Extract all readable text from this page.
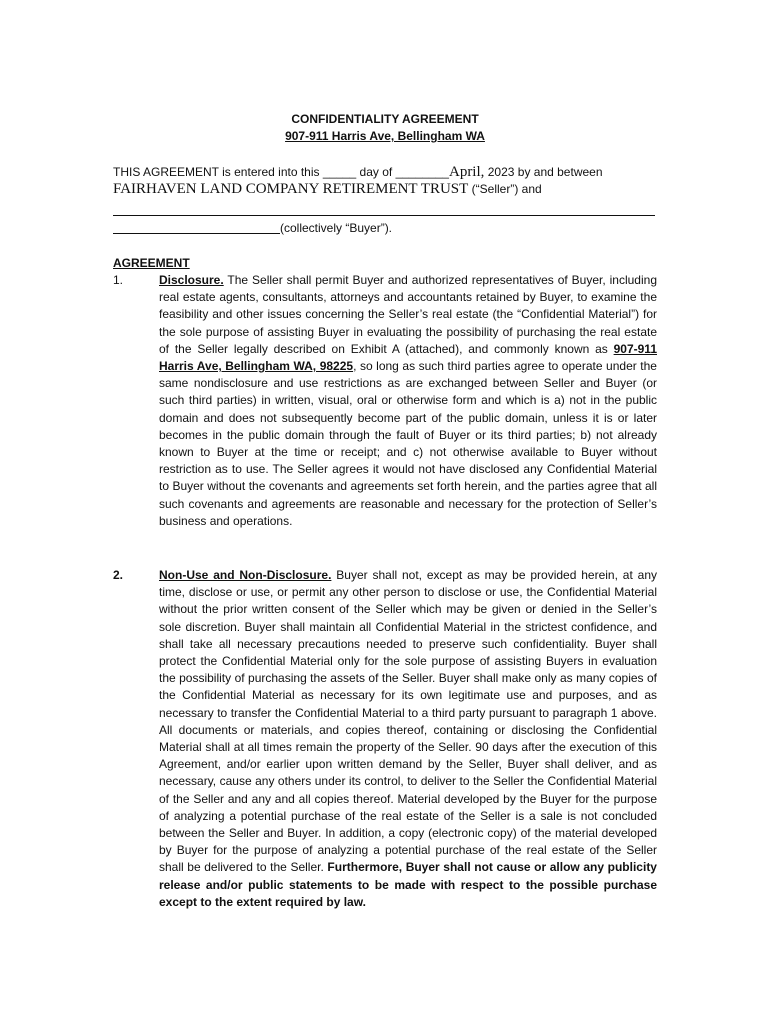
CONFIDENTIALITY AGREEMENT
907-911 Harris Ave, Bellingham WA
THIS AGREEMENT is entered into this _____ day of ________April, 2023 by and between
FAIRHAVEN LAND COMPANY RETIREMENT TRUST (“Seller”) and
(collectively “Buyer”).
AGREEMENT
1.	Disclosure. The Seller shall permit Buyer and authorized representatives of Buyer, including real estate agents, consultants, attorneys and accountants retained by Buyer, to examine the feasibility and other issues concerning the Seller’s real estate (the “Confidential Material”) for the sole purpose of assisting Buyer in evaluating the possibility of purchasing the real estate of the Seller legally described on Exhibit A (attached), and commonly known as 907-911 Harris Ave, Bellingham WA, 98225, so long as such third parties agree to operate under the same nondisclosure and use restrictions as are exchanged between Seller and Buyer (or such third parties) in written, visual, oral or otherwise form and which is a) not in the public domain and does not subsequently become part of the public domain, unless it is or later becomes in the public domain through the fault of Buyer or its third parties; b) not already known to Buyer at the time or receipt; and c) not otherwise available to Buyer without restriction as to use. The Seller agrees it would not have disclosed any Confidential Material to Buyer without the covenants and agreements set forth herein, and the parties agree that all such covenants and agreements are reasonable and necessary for the protection of Seller’s business and operations.
2.	Non-Use and Non-Disclosure. Buyer shall not, except as may be provided herein, at any time, disclose or use, or permit any other person to disclose or use, the Confidential Material without the prior written consent of the Seller which may be given or denied in the Seller’s sole discretion. Buyer shall maintain all Confidential Material in the strictest confidence, and shall take all necessary precautions needed to preserve such confidentiality. Buyer shall protect the Confidential Material only for the sole purpose of assisting Buyers in evaluation the possibility of purchasing the assets of the Seller. Buyer shall make only as many copies of the Confidential Material as necessary for its own legitimate use and purposes, and as necessary to transfer the Confidential Material to a third party pursuant to paragraph 1 above. All documents or materials, and copies thereof, containing or disclosing the Confidential Material shall at all times remain the property of the Seller. 90 days after the execution of this Agreement, and/or earlier upon written demand by the Seller, Buyer shall deliver, and as necessary, cause any others under its control, to deliver to the Seller the Confidential Material of the Seller and any and all copies thereof. Material developed by the Buyer for the purpose of analyzing a potential purchase of the real estate of the Seller is a sale is not concluded between the Seller and Buyer. In addition, a copy (electronic copy) of the material developed by Buyer for the purpose of analyzing a potential purchase of the real estate of the Seller shall be delivered to the Seller. Furthermore, Buyer shall not cause or allow any publicity release and/or public statements to be made with respect to the possible purchase except to the extent required by law.
